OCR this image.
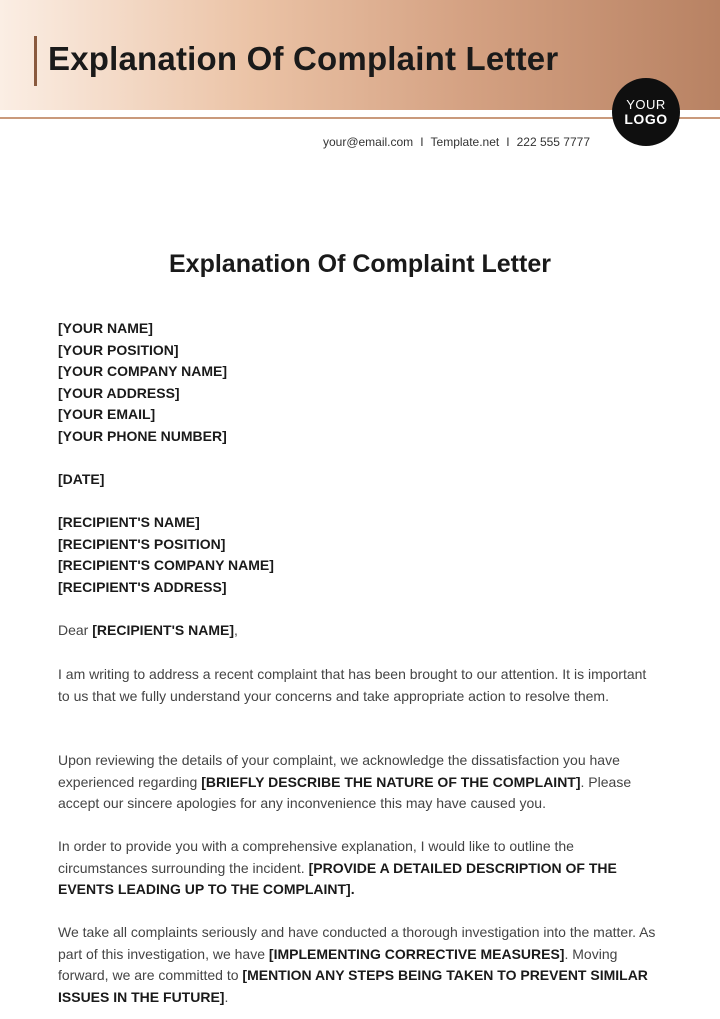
Explanation Of Complaint Letter
YOUR
LOGO
your@email.com I Template.net I 222 555 7777
Explanation Of Complaint Letter
[YOUR NAME]
[YOUR POSITION]
[YOUR COMPANY NAME]
[YOUR ADDRESS]
[YOUR EMAIL]
[YOUR PHONE NUMBER]
[DATE]
[RECIPIENT'S NAME]
[RECIPIENT'S POSITION]
[RECIPIENT'S COMPANY NAME]
[RECIPIENT'S ADDRESS]
Dear [RECIPIENT'S NAME],
I am writing to address a recent complaint that has been brought to our attention. It is important to us that we fully understand your concerns and take appropriate action to resolve them.
Upon reviewing the details of your complaint, we acknowledge the dissatisfaction you have experienced regarding [BRIEFLY DESCRIBE THE NATURE OF THE COMPLAINT]. Please accept our sincere apologies for any inconvenience this may have caused you.
In order to provide you with a comprehensive explanation, I would like to outline the circumstances surrounding the incident. [PROVIDE A DETAILED DESCRIPTION OF THE EVENTS LEADING UP TO THE COMPLAINT].
We take all complaints seriously and have conducted a thorough investigation into the matter. As part of this investigation, we have [IMPLEMENTING CORRECTIVE MEASURES]. Moving forward, we are committed to [MENTION ANY STEPS BEING TAKEN TO PREVENT SIMILAR ISSUES IN THE FUTURE].
